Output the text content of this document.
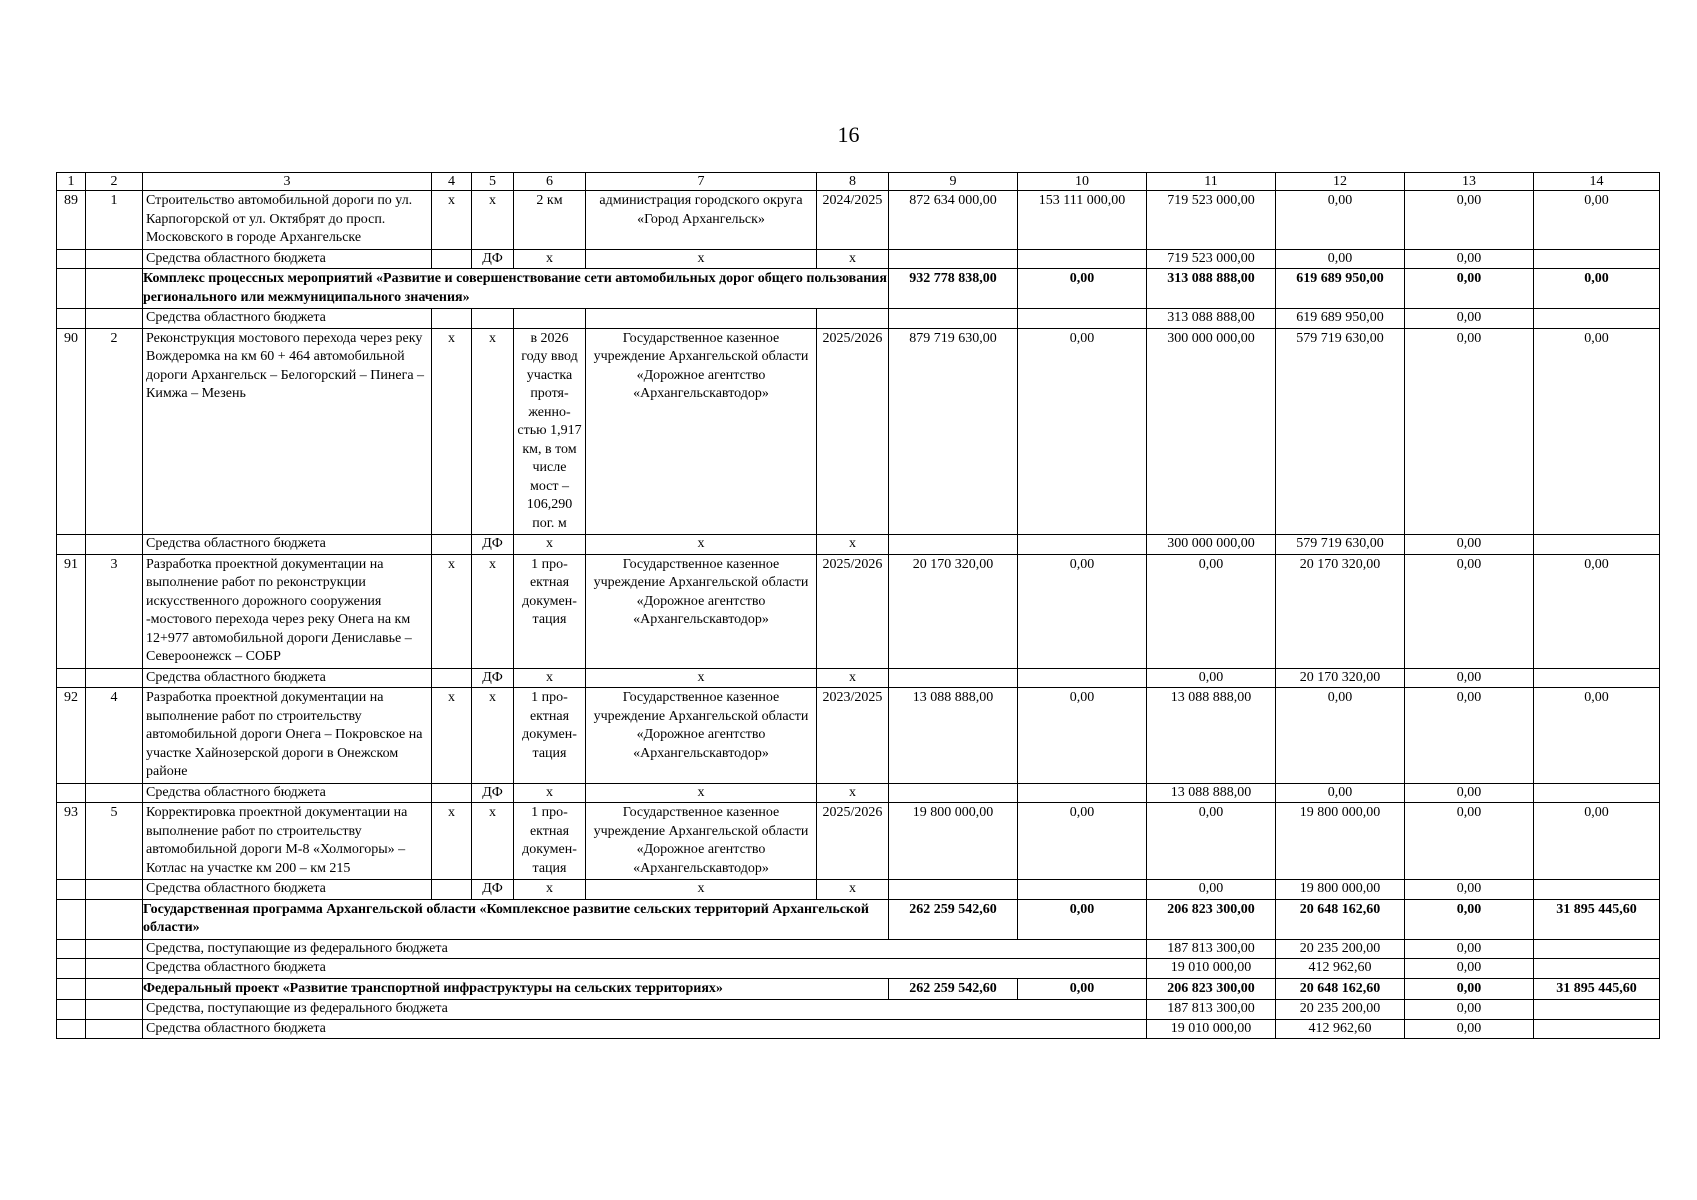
16
1	2	3	4	5	6	7	8	9	10	11	12	13	14
89	1	Строительство автомобильной дороги по ул. Карпогорской от ул. Октябрят до просп. Московского в городе Архангельске	x	x	2 км	администрация городского округа «Город Архангельск»	2024/2025	872 634 000,00	153 111 000,00	719 523 000,00	0,00	0,00	0,00
		Средства областного бюджета		ДФ	x	x	x			719 523 000,00	0,00	0,00	
		Комплекс процессных мероприятий «Развитие и совершенствование сети автомобильных дорог общего пользования регионального или межмуниципального значения»						932 778 838,00	0,00	313 088 888,00	619 689 950,00	0,00	0,00
		Средства областного бюджета								313 088 888,00	619 689 950,00	0,00	
90	2	Реконструкция мостового перехода через реку Вождеромка на км 60 + 464 автомобильной дороги Архангельск – Белогорский – Пинега – Кимжа – Мезень	x	x	в 2026 году ввод участка протяженностью 1,917 км, в том числе мост – 106,290 пог. м	Государственное казенное учреждение Архангельской области «Дорожное агентство «Архангельскавтодор»	2025/2026	879 719 630,00	0,00	300 000 000,00	579 719 630,00	0,00	0,00
		Средства областного бюджета		ДФ	x	x	x			300 000 000,00	579 719 630,00	0,00	
91	3	Разработка проектной документации на выполнение работ по реконструкции искусственного дорожного сооружения -мостового перехода через реку Онега на км 12+977 автомобильной дороги Дениславье – Североонежск – СОБР	x	x	1 проектная документация	Государственное казенное учреждение Архангельской области «Дорожное агентство «Архангельскавтодор»	2025/2026	20 170 320,00	0,00	0,00	20 170 320,00	0,00	0,00
		Средства областного бюджета		ДФ	x	x	x			0,00	20 170 320,00	0,00	
92	4	Разработка проектной документации на выполнение работ по строительству автомобильной дороги Онега – Покровское на участке Хайнозерской дороги в Онежском районе	x	x	1 проектная документация	Государственное казенное учреждение Архангельской области «Дорожное агентство «Архангельскавтодор»	2023/2025	13 088 888,00	0,00	13 088 888,00	0,00	0,00	0,00
		Средства областного бюджета		ДФ	x	x	x			13 088 888,00	0,00	0,00	
93	5	Корректировка проектной документации на выполнение работ по строительству автомобильной дороги М-8 «Холмогоры» – Котлас на участке км 200 – км 215	x	x	1 проектная документация	Государственное казенное учреждение Архангельской области «Дорожное агентство «Архангельскавтодор»	2025/2026	19 800 000,00	0,00	0,00	19 800 000,00	0,00	0,00
		Средства областного бюджета		ДФ	x	x	x			0,00	19 800 000,00	0,00	
		Государственная программа Архангельской области «Комплексное развитие сельских территорий Архангельской области»						262 259 542,60	0,00	206 823 300,00	20 648 162,60	0,00	31 895 445,60
		Средства, поступающие из федерального бюджета								187 813 300,00	20 235 200,00	0,00	
		Средства областного бюджета								19 010 000,00	412 962,60	0,00	
		Федеральный проект «Развитие транспортной инфраструктуры на сельских территориях»						262 259 542,60	0,00	206 823 300,00	20 648 162,60	0,00	31 895 445,60
		Средства, поступающие из федерального бюджета								187 813 300,00	20 235 200,00	0,00	
		Средства областного бюджета								19 010 000,00	412 962,60	0,00	
